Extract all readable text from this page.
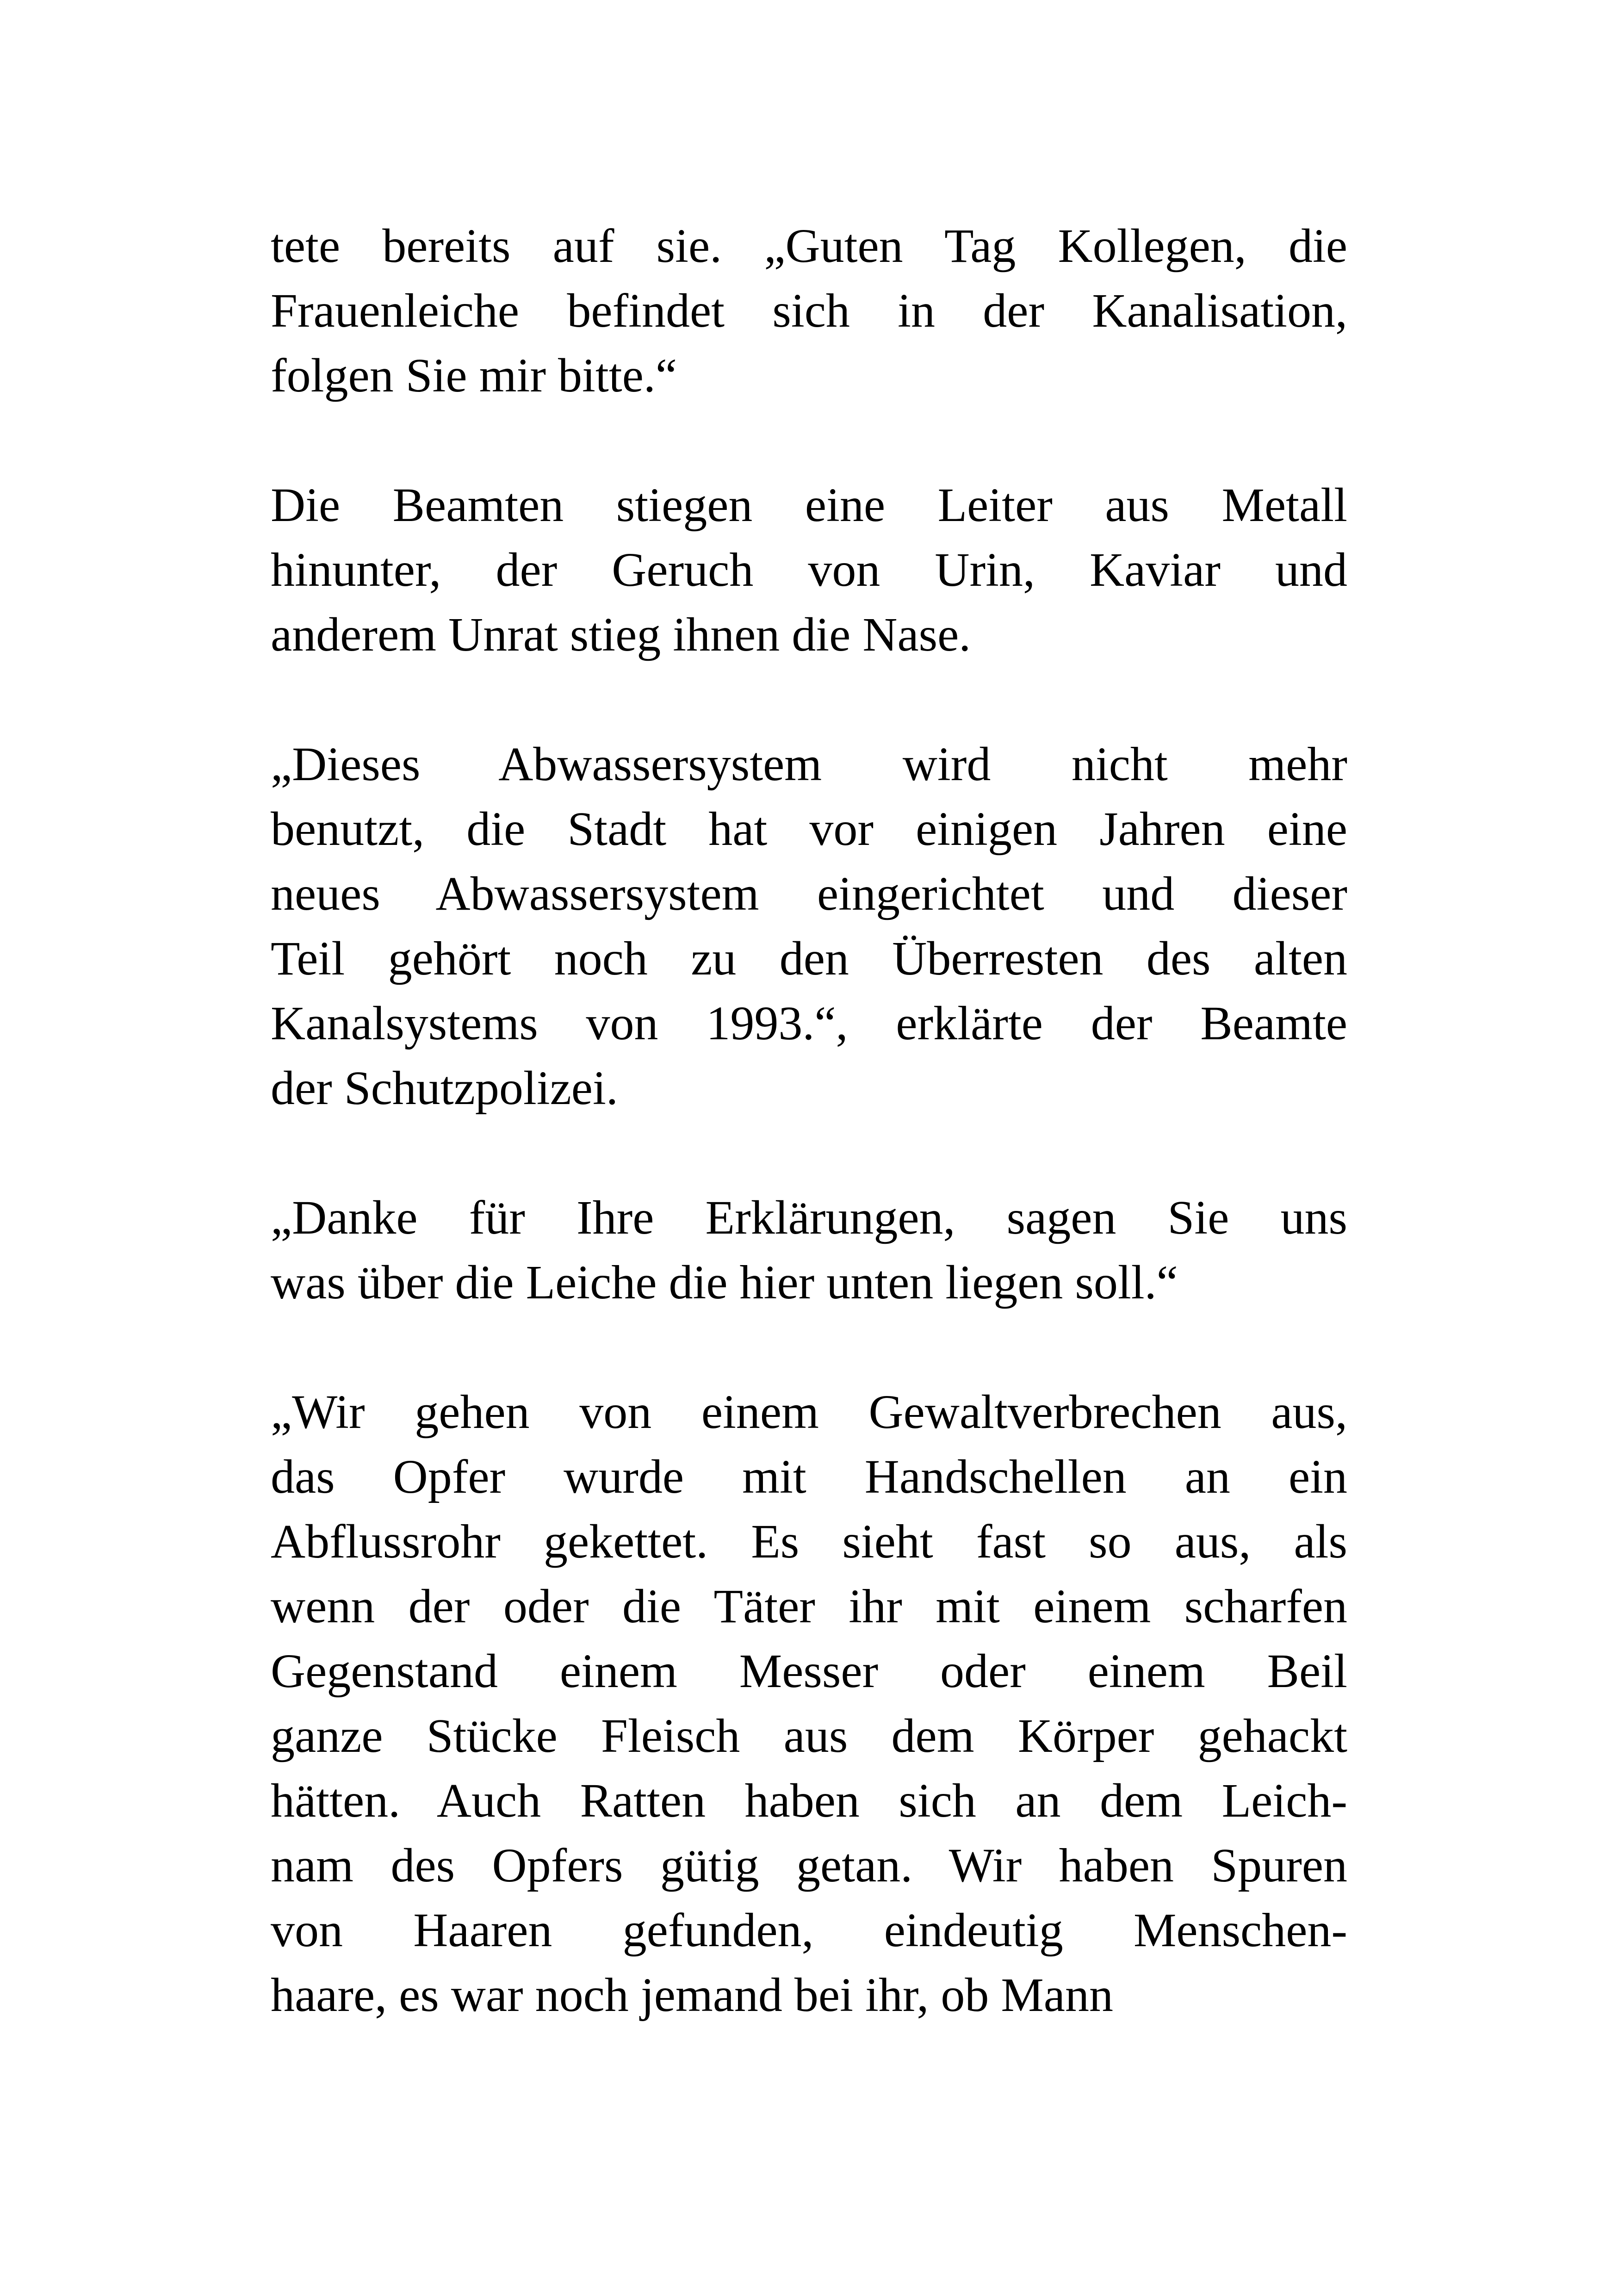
tete bereits auf sie. „Guten Tag Kollegen, die
Frauenleiche befindet sich in der Kanalisation,
folgen Sie mir bitte.“
Die Beamten stiegen eine Leiter aus Metall
hinunter, der Geruch von Urin, Kaviar und
anderem Unrat stieg ihnen die Nase.
„Dieses Abwassersystem wird nicht mehr
benutzt, die Stadt hat vor einigen Jahren eine
neues Abwassersystem eingerichtet und dieser
Teil gehört noch zu den Überresten des alten
Kanalsystems von 1993.“, erklärte der Beamte
der Schutzpolizei.
„Danke für Ihre Erklärungen, sagen Sie uns
was über die Leiche die hier unten liegen soll.“
„Wir gehen von einem Gewaltverbrechen aus,
das Opfer wurde mit Handschellen an ein
Abflussrohr gekettet. Es sieht fast so aus, als
wenn der oder die Täter ihr mit einem scharfen
Gegenstand einem Messer oder einem Beil
ganze Stücke Fleisch aus dem Körper gehackt
hätten. Auch Ratten haben sich an dem Leich-
nam des Opfers gütig getan. Wir haben Spuren
von Haaren gefunden, eindeutig Menschen-
haare, es war noch jemand bei ihr, ob Mann
